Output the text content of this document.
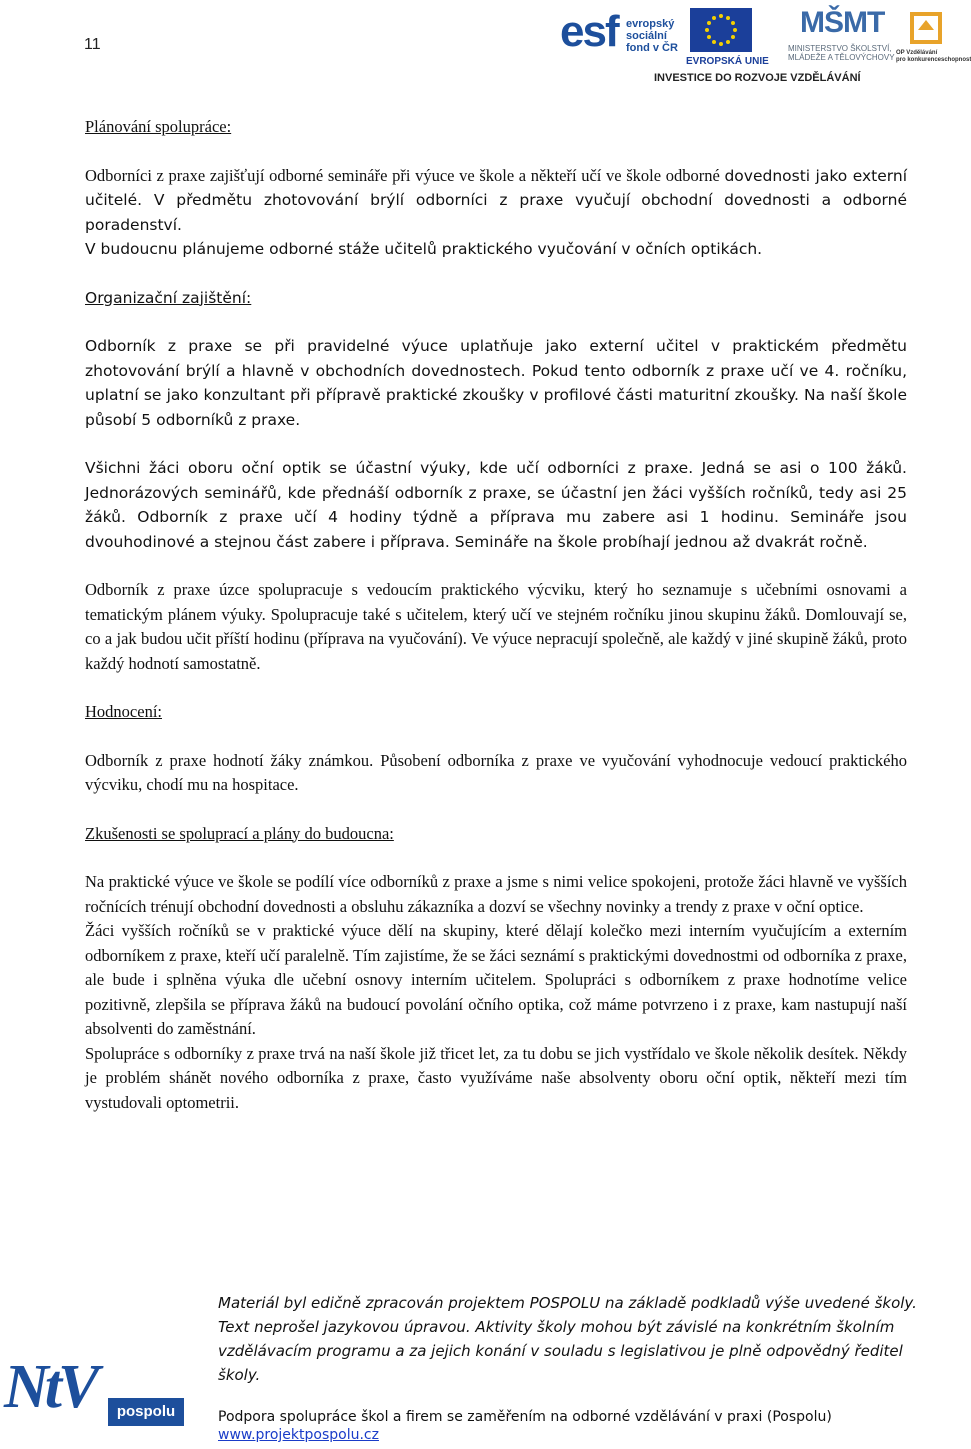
11	esf evropský
sociální
fond v ČR
EVROPSKÁ UNIE
MŠMT
MINISTERSTVO ŠKOLSTVÍ,
MLÁDEŽE A TĚLOVÝCHOVY OP Vzdělávání
pro konkurenceschopnost
INVESTICE DO ROZVOJE VZDĚLÁVÁNÍ

Plánování spolupráce:

Odborníci z praxe zajišťují odborné semináře při výuce ve škole a někteří učí ve škole odborné dovednosti jako externí učitelé. V předmětu zhotovování brýlí odborníci z praxe vyučují obchodní dovednosti a odborné poradenství.

V budoucnu plánujeme odborné stáže učitelů praktického vyučování v očních optikách.

Organizační zajištění:

Odborník z praxe se při pravidelné výuce uplatňuje jako externí učitel v praktickém předmětu zhotovování brýlí a hlavně v obchodních dovednostech. Pokud tento odborník z praxe učí ve 4. ročníku, uplatní se jako konzultant při přípravě praktické zkoušky v profilové části maturitní zkoušky. Na naší škole působí 5 odborníků z praxe.

Všichni žáci oboru oční optik se účastní výuky, kde učí odborníci z praxe. Jedná se asi o 100 žáků. Jednorázových seminářů, kde přednáší odborník z praxe, se účastní jen žáci vyšších ročníků, tedy asi 25 žáků. Odborník z praxe učí 4 hodiny týdně a příprava mu zabere asi 1 hodinu. Semináře jsou dvouhodinové a stejnou část zabere i příprava. Semináře na škole probíhají jednou až dvakrát ročně.

Odborník z praxe úzce spolupracuje s vedoucím praktického výcviku, který ho seznamuje s učebními osnovami a tematickým plánem výuky. Spolupracuje také s učitelem, který učí ve stejném ročníku jinou skupinu žáků. Domlouvají se, co a jak budou učit příští hodinu (příprava na vyučování). Ve výuce nepracují společně, ale každý v jiné skupině žáků, proto každý hodnotí samostatně.

Hodnocení:

Odborník z praxe hodnotí žáky známkou. Působení odborníka z praxe ve vyučování vyhodnocuje vedoucí praktického výcviku, chodí mu na hospitace.

Zkušenosti se spoluprací a plány do budoucna:

Na praktické výuce ve škole se podílí více odborníků z praxe a jsme s nimi velice spokojeni, protože žáci hlavně ve vyšších ročnících trénují obchodní dovednosti a obsluhu zákazníka a dozví se všechny novinky a trendy z praxe v oční optice.

Žáci vyšších ročníků se v praktické výuce dělí na skupiny, které dělají kolečko mezi interním vyučujícím a externím odborníkem z praxe, kteří učí paralelně. Tím zajistíme, že se žáci seznámí s praktickými dovednostmi od odborníka z praxe, ale bude i splněna výuka dle učební osnovy interním učitelem. Spolupráci s odborníkem z praxe hodnotíme velice pozitivně, zlepšila se příprava žáků na budoucí povolání očního optika, což máme potvrzeno i z praxe, kam nastupují naší absolventi do zaměstnání.

Spolupráce s odborníky z praxe trvá na naší škole již třicet let, za tu dobu se jich vystřídalo ve škole několik desítek. Někdy je problém shánět nového odborníka z praxe, často využíváme naše absolventy oboru oční optik, někteří mezi tím vystudovali optometrii.

NtV	pospolu
Materiál byl edičně zpracován projektem POSPOLU na základě podkladů výše uvedené školy. Text neprošel jazykovou úpravou. Aktivity školy mohou být závislé na konkrétním školním vzdělávacím programu a za jejich konání v souladu s legislativou je plně odpovědný ředitel školy.
Podpora spolupráce škol a firem se zaměřením na odborné vzdělávání v praxi (Pospolu)
www.projektpospolu.cz
